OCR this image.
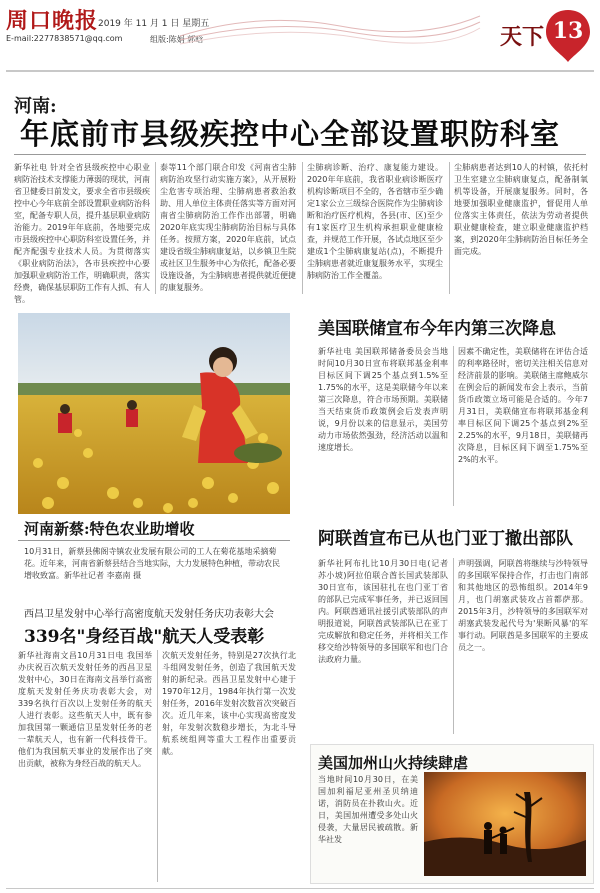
周口晚报 2019 年 11 月 1 日 星期五
E-mail:2277838571@qq.com	组版:陈娟 郭晗	天下 13
河南:
年底前市县级疾控中心全部设置职防科室
新华社电 针对全省县级疾控中心职业病防治技术支撑能力薄弱的现状，河南省卫健委日前发文，要求全省市县级疾控中心今年底前全部设置职业病防治科室，配备专职人员，提升基层职业病防治能力。2019年年底前，各地要完成市县级疾控中心职防科室设置任务，并配齐配强专业技术人员。为贯彻落实《职业病防治法》，各市县疾控中心要加强职业病防治工作，明确职责，落实经费，确保基层职防工作有人抓、有人管。
泰等11个部门联合印发《河南省尘肺病防治攻坚行动实施方案》，从开展粉尘危害专项治理、尘肺病患者救治救助、用人单位主体责任落实等方面对河南省尘肺病防治工作作出部署，明确2020年底实现尘肺病防治目标与具体任务。按照方案，2020年底前，试点建设省级尘肺病康复站，以乡镇卫生院或社区卫生服务中心为依托，配备必要设施设备，为尘肺病患者提供就近便捷的康复服务。
尘肺病诊断、治疗、康复能力建设。2020年年底前，我省职业病诊断医疗机构诊断项目不全的，各省辖市至少确定1家公立三级综合医院作为尘肺病诊断和治疗医疗机构，各县(市、区)至少有1家医疗卫生机构承担职业健康检查，并规范工作开展，各试点地区至少建成1个尘肺病康复站(点)，不断提升尘肺病患者就近康复服务水平，实现尘肺病防治工作全覆盖。
尘肺病患者达到10人的村镇，依托村卫生室建立尘肺病康复点，配备制氧机等设备，开展康复服务。同时，各地要加强职业健康监护，督促用人单位落实主体责任，依法为劳动者提供职业健康检查，建立职业健康监护档案，到2020年尘肺病防治目标任务全面完成。
河南新蔡:特色农业助增收
10月31日，新蔡县佛阁寺镇农业发展有限公司的工人在菊花基地采摘菊花。近年来，河南省新蔡县结合当地实际，大力发展特色种植，带动农民增收致富。新华社记者 李嘉南 摄
美国联储宣布今年内第三次降息
新华社电 美国联邦储备委员会当地时间10月30日宣布将联邦基金利率目标区间下调25个基点到1.5%至1.75%的水平，这是美联储今年以来第三次降息，符合市场预期。美联储当天结束货币政策例会后发表声明说，9月份以来的信息显示，美国劳动力市场依然强劲，经济活动以温和速度增长。
因素不确定性，美联储将在评估合适的利率路径时，密切关注相关信息对经济前景的影响。美联储主席鲍威尔在例会后的新闻发布会上表示，当前货币政策立场可能是合适的。今年7月31日，美联储宣布将联邦基金利率目标区间下调25个基点到2%至2.25%的水平，9月18日，美联储再次降息，目标区间下调至1.75%至2%的水平。
阿联酋宣布已从也门亚丁撤出部队
新华社阿布扎比10月30日电(记者 苏小坡)阿拉伯联合酋长国武装部队30日宣布，该国驻扎在也门亚丁省的部队已完成军事任务，并已返回国内。阿联酋通讯社援引武装部队的声明报道说，阿联酋武装部队已在亚丁完成解放和稳定任务，并将相关工作移交给沙特领导的多国联军和也门合法政府力量。
声明强调，阿联酋将继续与沙特领导的多国联军保持合作，打击也门南部和其他地区的恐怖组织。2014年9月，也门胡塞武装攻占首都萨那。2015年3月，沙特领导的多国联军对胡塞武装发起代号为'果断风暴'的军事行动。阿联酋是多国联军的主要成员之一。
西昌卫星发射中心举行高密度航天发射任务庆功表彰大会
339名"身经百战"航天人受表彰
新华社海南文昌10月31日电 我国举办庆祝百次航天发射任务的西昌卫星发射中心，30日在海南文昌举行高密度航天发射任务庆功表彰大会，对339名执行百次以上发射任务的航天人进行表彰。这些航天人中，既有参加我国第一颗通信卫星发射任务的老一辈航天人，也有新一代科技骨干。他们为我国航天事业的发展作出了突出贡献，被称为身经百战的航天人。
次航天发射任务，特别是27次执行北斗组网发射任务，创造了我国航天发射的新纪录。西昌卫星发射中心建于1970年12月，1984年执行第一次发射任务，2016年发射次数首次突破百次。近几年来，该中心实现高密度发射，年发射次数稳步增长，为北斗导航系统组网等重大工程作出重要贡献。
美国加州山火持续肆虐
当地时间10月30日，在美国加利福尼亚州圣贝纳迪诺，消防员在扑救山火。近日，美国加州遭受多处山火侵袭，大量居民被疏散。新华社发
